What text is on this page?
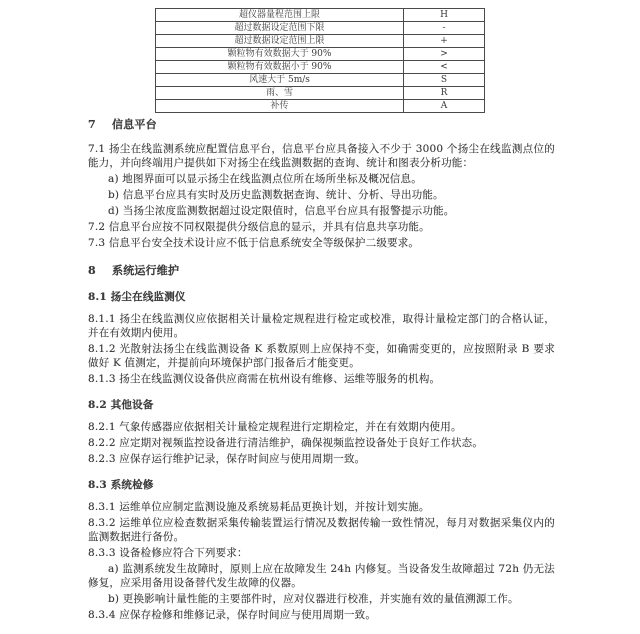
超仪器量程范围上限	H
超过数据设定范围下限	-
超过数据设定范围上限	+
颗粒物有效数据大于 90%	>
颗粒物有效数据小于 90%	<
风速大于 5m/s	S
雨、雪	R
补传	A
7 信息平台

7.1 扬尘在线监测系统应配置信息平台，信息平台应具备接入不少于 3000 个扬尘在线监测点位的能力，并向终端用户提供如下对扬尘在线监测数据的查询、统计和图表分析功能：

a) 地图界面可以显示扬尘在线监测点位所在场所坐标及概况信息。

b) 信息平台应具有实时及历史监测数据查询、统计、分析、导出功能。

d) 当扬尘浓度监测数据超过设定限值时，信息平台应具有报警提示功能。

7.2 信息平台应按不同权限提供分级信息的显示，并具有信息共享功能。

7.3 信息平台安全技术设计应不低于信息系统安全等级保护二级要求。

8 系统运行维护
8.1 扬尘在线监测仪

8.1.1 扬尘在线监测仪应依据相关计量检定规程进行检定或校准，取得计量检定部门的合格认证，并在有效期内使用。

8.1.2 光散射法扬尘在线监测设备 K 系数原则上应保持不变，如确需变更的，应按照附录 B 要求做好 K 值测定，并提前向环境保护部门报备后才能变更。

8.1.3 扬尘在线监测仪设备供应商需在杭州设有维修、运维等服务的机构。

8.2 其他设备

8.2.1 气象传感器应依据相关计量检定规程进行定期检定，并在有效期内使用。

8.2.2 应定期对视频监控设备进行清洁维护，确保视频监控设备处于良好工作状态。

8.2.3 应保存运行维护记录，保存时间应与使用周期一致。

8.3 系统检修

8.3.1 运维单位应制定监测设施及系统易耗品更换计划，并按计划实施。

8.3.2 运维单位应检查数据采集传输装置运行情况及数据传输一致性情况，每月对数据采集仪内的监测数据进行备份。

8.3.3 设备检修应符合下列要求：

a) 监测系统发生故障时，原则上应在故障发生 24h 内修复。当设备发生故障超过 72h 仍无法修复，应采用备用设备替代发生故障的仪器。

b) 更换影响计量性能的主要部件时，应对仪器进行校准，并实施有效的量值溯源工作。

8.3.4 应保存检修和维修记录，保存时间应与使用周期一致。
